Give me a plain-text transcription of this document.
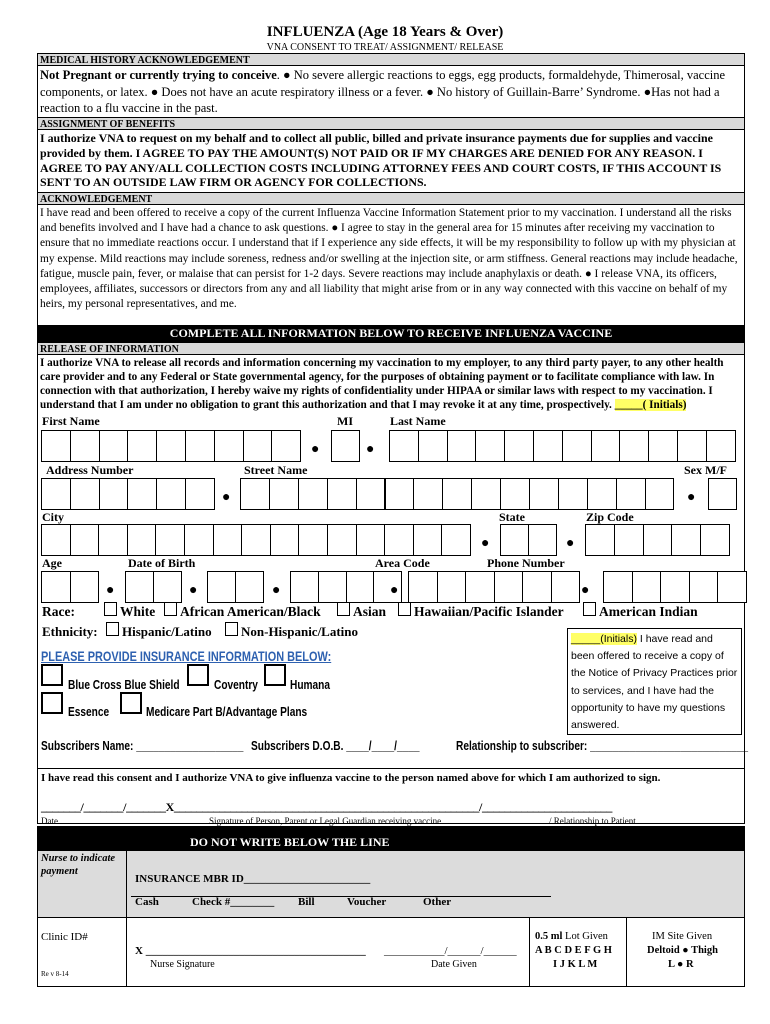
INFLUENZA (Age 18 Years & Over)
VNA CONSENT TO TREAT/ ASSIGNMENT/ RELEASE
MEDICAL HISTORY ACKNOWLEDGEMENT
Not Pregnant or currently trying to conceive. ● No severe allergic reactions to eggs, egg products, formaldehyde, Thimerosal, vaccine components, or latex. ● Does not have an acute respiratory illness or a fever. ● No history of Guillain-Barre’ Syndrome. ●Has not had a reaction to a flu vaccine in the past.
ASSIGNMENT OF BENEFITS
I authorize VNA to request on my behalf and to collect all public, billed and private insurance payments due for supplies and vaccine provided by them. I AGREE TO PAY THE AMOUNT(S) NOT PAID OR IF MY CHARGES ARE DENIED FOR ANY REASON. I AGREE TO PAY ANY/ALL COLLECTION COSTS INCLUDING ATTORNEY FEES AND COURT COSTS, IF THIS ACCOUNT IS SENT TO AN OUTSIDE LAW FIRM OR AGENCY FOR COLLECTIONS.
ACKNOWLEDGEMENT
I have read and been offered to receive a copy of the current Influenza Vaccine Information Statement prior to my vaccination. I understand all the risks and benefits involved and I have had a chance to ask questions. ● I agree to stay in the general area for 15 minutes after receiving my vaccination to ensure that no immediate reactions occur. I understand that if I experience any side effects, it will be my responsibility to follow up with my physician at my expense. Mild reactions may include soreness, redness and/or swelling at the injection site, or arm stiffness. General reactions may include headache, fatigue, muscle pain, fever, or malaise that can persist for 1-2 days. Severe reactions may include anaphylaxis or death. ● I release VNA, its officers, employees, affiliates, successors or directors from any and all liability that might arise from or in any way connected with this vaccine on behalf of my heirs, my personal representatives, and me.
COMPLETE ALL INFORMATION BELOW TO RECEIVE INFLUENZA VACCINE
RELEASE OF INFORMATION
I authorize VNA to release all records and information concerning my vaccination to my employer, to any third party payer, to any other health care provider and to any Federal or State governmental agency, for the purposes of obtaining payment or to facilitate compliance with law. In connection with that authorization, I hereby waive my rights of confidentiality under HIPAA or similar laws with respect to my vaccination. I understand that I am under no obligation to grant this authorization and that I may revoke it at any time, prospectively. _____( Initials)
First Name	MI	Last Name
●	●
Address Number	Street Name	Sex M/F
●	●
City	State	Zip Code
●	●
Age	Date of Birth	Area Code	Phone Number
●	●	●	●	●
Race:	White African American/Black Asian Hawaiian/Pacific Islander	American Indian
Ethnicity: Hispanic/Latino Non-Hispanic/Latino
PLEASE PROVIDE INSURANCE INFORMATION BELOW:
Blue Cross Blue Shield	Coventry Humana
Essence	Medicare Part B/Advantage Plans
Subscribers Name: ___________________ Subscribers D.O.B. ____/____/____	Relationship to subscriber: ____________________________
_____(Initials) I have read and been offered to receive a copy of the Notice of Privacy Practices prior to services, and I have had the opportunity to have my questions answered.
I have read this consent and I authorize VNA to give influenza vaccine to the person named above for which I am authorized to sign.
_______/_______/_______X______________________________________________________/_______________________
Date	Signature of Person, Parent or Legal Guardian receiving vaccine	/ Relationship to Patient
DO NOT WRITE BELOW THE LINE
Nurse to indicate payment
INSURANCE MBR ID_______________________
Cash	Check #________ Bill	Voucher	Other
Clinic ID#
Re v 8-14
X ________________________________________ ___________/______/______
Nurse Signature	Date Given
0.5 ml Lot Given
A B C D E F G H
I J K L M
IM Site Given
Deltoid ● Thigh
L ● R
